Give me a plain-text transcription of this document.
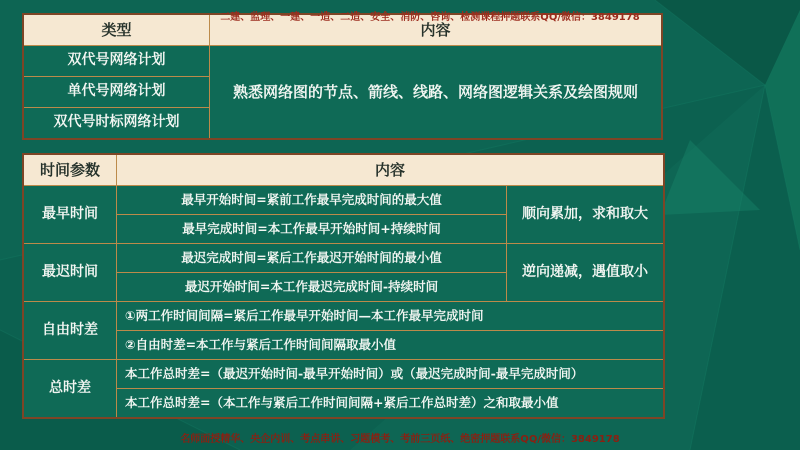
二建、监理、一建、一造、二造、安全、消防、咨询、检测课程押题联系QQ/微信：3849178
类型	内容
双代号网络计划
熟悉网络图的节点、箭线、线路、网络图逻辑关系及绘图规则
单代号网络计划
双代号时标网络计划
时间参数	内容
最早时间
最早开始时间=紧前工作最早完成时间的最大值
最早完成时间=本工作最早开始时间+持续时间
顺向累加，求和取大
最迟时间
最迟完成时间=紧后工作最迟开始时间的最小值
最迟开始时间=本工作最迟完成时间-持续时间
逆向递减，遇值取小
自由时差
①两工作时间间隔=紧后工作最早开始时间—本工作最早完成时间
②自由时差=本工作与紧后工作时间间隔取最小值
总时差
本工作总时差=（最迟开始时间-最早开始时间）或（最迟完成时间-最早完成时间）
本工作总时差=（本工作与紧后工作时间间隔+紧后工作总时差）之和取最小值
名师面授精华、央企内训、考点串讲、习题模考、考前三页纸、绝密押题联系QQ/微信：3849178
